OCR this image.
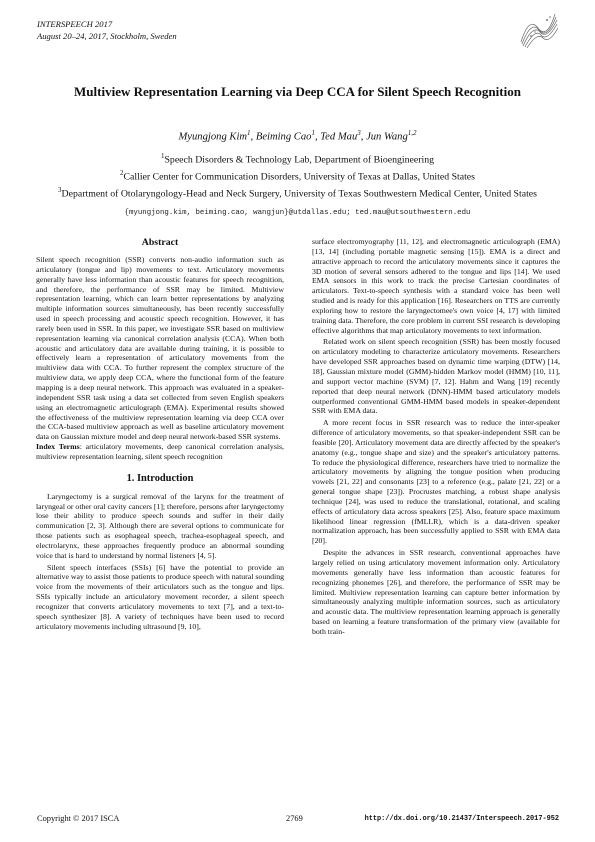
INTERSPEECH 2017
August 20–24, 2017, Stockholm, Sweden
Multiview Representation Learning via Deep CCA for Silent Speech Recognition
Myungjong Kim$^1$, Beiming Cao$^1$, Ted Mau$^3$, Jun Wang$^{1,2}$
$^1$Speech Disorders & Technology Lab, Department of Bioengineering
$^2$Callier Center for Communication Disorders, University of Texas at Dallas, United States
$^3$Department of Otolaryngology-Head and Neck Surgery, University of Texas Southwestern Medical Center, United States
{myungjong.kim, beiming.cao, wangjun}@utdallas.edu; ted.mau@utsouthwestern.edu
Abstract

Silent speech recognition (SSR) converts non-audio information such as articulatory (tongue and lip) movements to text. Articulatory movements generally have less information than acoustic features for speech recognition, and therefore, the performance of SSR may be limited. Multiview representation learning, which can learn better representations by analyzing multiple information sources simultaneously, has been recently successfully used in speech processing and acoustic speech recognition. However, it has rarely been used in SSR. In this paper, we investigate SSR based on multiview representation learning via canonical correlation analysis (CCA). When both acoustic and articulatory data are available during training, it is possible to effectively learn a representation of articulatory movements from the multiview data with CCA. To further represent the complex structure of the multiview data, we apply deep CCA, where the functional form of the feature mapping is a deep neural network. This approach was evaluated in a speaker-independent SSR task using a data set collected from seven English speakers using an electromagnetic articulograph (EMA). Experimental results showed the effectiveness of the multiview representation learning via deep CCA over the CCA-based multiview approach as well as baseline articulatory movement data on Gaussian mixture model and deep neural network-based SSR systems.

Index Terms: articulatory movements, deep canonical correlation analysis, multiview representation learning, silent speech recognition

1. Introduction

Laryngectomy is a surgical removal of the larynx for the treatment of laryngeal or other oral cavity cancers [1]; therefore, persons after laryngectomy lose their ability to produce speech sounds and suffer in their daily communication [2, 3]. Although there are several options to communicate for those patients such as esophageal speech, trachea-esophageal speech, and electrolarynx, these approaches frequently produce an abnormal sounding voice that is hard to understand by normal listeners [4, 5].

Silent speech interfaces (SSIs) [6] have the potential to provide an alternative way to assist those patients to produce speech with natural sounding voice from the movements of their articulators such as the tongue and lips. SSIs typically include an articulatory movement recorder, a silent speech recognizer that converts articulatory movements to text [7], and a text-to-speech synthesizer [8]. A variety of techniques have been used to record articulatory movements including ultrasound [9, 10],

surface electromyography [11, 12], and electromagnetic articulograph (EMA) [13, 14] (including portable magnetic sensing [15]). EMA is a direct and attractive approach to record the articulatory movements since it captures the 3D motion of several sensors adhered to the tongue and lips [14]. We used EMA sensors in this work to track the precise Cartesian coordinates of articulators. Text-to-speech synthesis with a standard voice has been well studied and is ready for this application [16]. Researchers on TTS are currently exploring how to restore the laryngectomee's own voice [4, 17] with limited training data. Therefore, the core problem in current SSI research is developing effective algorithms that map articulatory movements to text information.

Related work on silent speech recognition (SSR) has been mostly focused on articulatory modeling to characterize articulatory movements. Researchers have developed SSR approaches based on dynamic time warping (DTW) [14, 18], Gaussian mixture model (GMM)-hidden Markov model (HMM) [10, 11], and support vector machine (SVM) [7, 12]. Hahm and Wang [19] recently reported that deep neural network (DNN)-HMM based articulatory models outperformed conventional GMM-HMM based models in speaker-dependent SSR with EMA data.

A more recent focus in SSR research was to reduce the inter-speaker difference of articulatory movements, so that speaker-independent SSR can be feasible [20]. Articulatory movement data are directly affected by the speaker's anatomy (e.g., tongue shape and size) and the speaker's articulatory patterns. To reduce the physiological difference, researchers have tried to normalize the articulatory movements by aligning the tongue position when producing vowels [21, 22] and consonants [23] to a reference (e.g., palate [21, 22] or a general tongue shape [23]). Procrustes matching, a robust shape analysis technique [24], was used to reduce the translational, rotational, and scaling effects of articulatory data across speakers [25]. Also, feature space maximum likelihood linear regression (fMLLR), which is a data-driven speaker normalization approach, has been successfully applied to SSR with EMA data [20].

Despite the advances in SSR research, conventional approaches have largely relied on using articulatory movement information only. Articulatory movements generally have less information than acoustic features for recognizing phonemes [26], and therefore, the performance of SSR may be limited. Multiview representation learning can capture better information by simultaneously analyzing multiple information sources, such as articulatory and acoustic data. The multiview representation learning approach is generally based on learning a feature transformation of the primary view (available for both train-

Copyright © 2017 ISCA	2769	http://dx.doi.org/10.21437/Interspeech.2017-952
